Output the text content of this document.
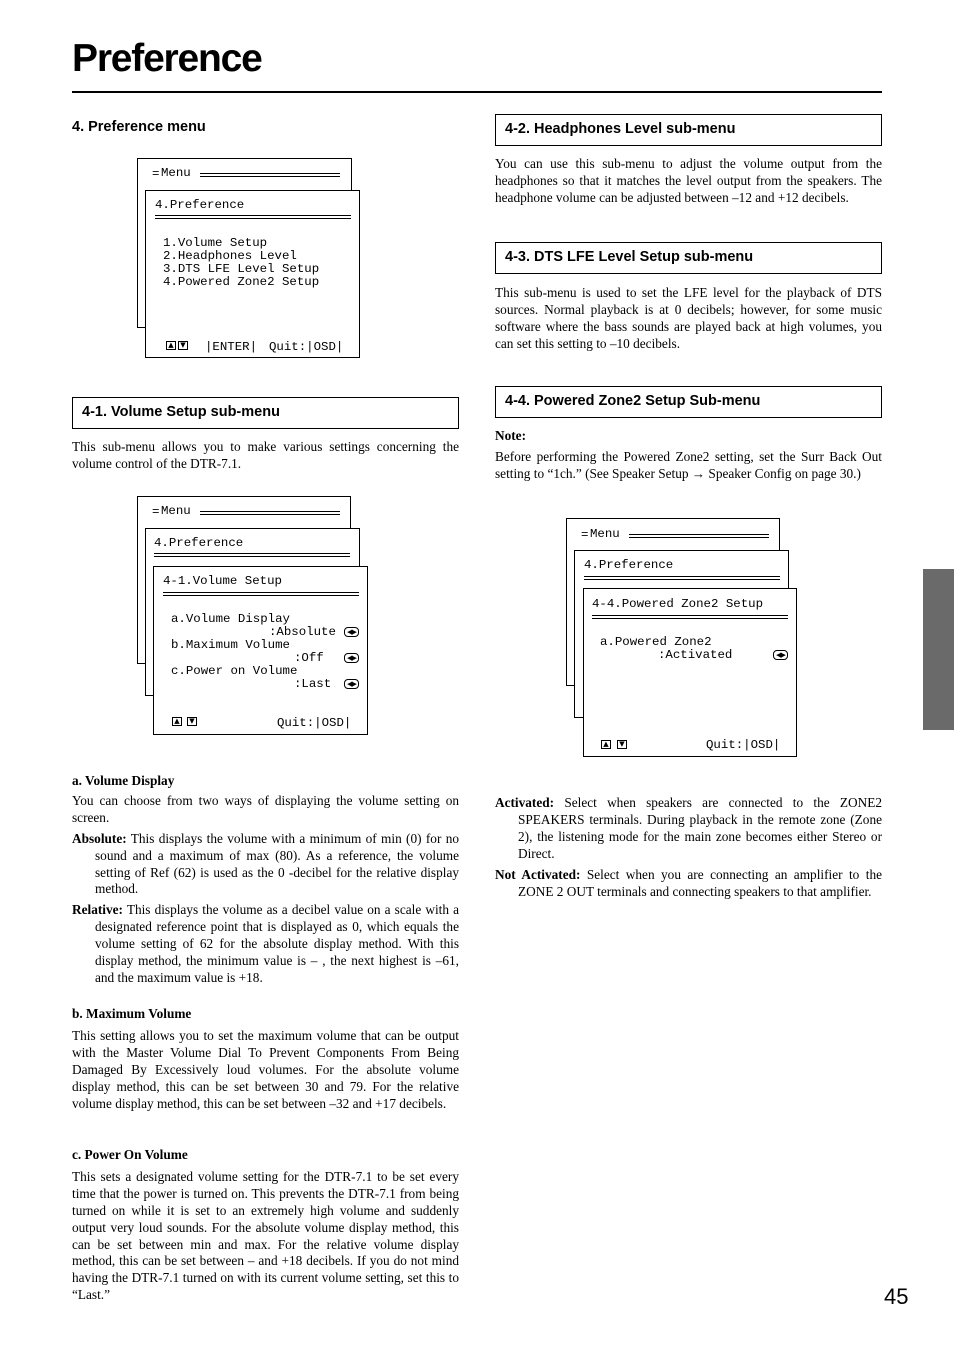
Preference
4. Preference menu
= Menu
4.Preference
1.Volume Setup
2.Headphones Level
3.DTS LFE Level Setup
4.Powered Zone2 Setup
▲ ▼ |ENTER| Quit:|OSD|
4-1. Volume Setup sub-menu
This sub-menu allows you to make various settings concerning the volume control of the DTR-7.1.
= Menu
4.Preference
4-1.Volume Setup
a.Volume Display
:Absolute	◀▶
b.Maximum Volume
:Off	◀▶
c.Power on Volume
:Last	◀▶
▲	▼	Quit:|OSD|

a. Volume Display

You can choose from two ways of displaying the volume setting on screen.

Absolute: This displays the volume with a minimum of min (0) for no sound and a maximum of max (80). As a reference, the volume setting of Ref (62) is used as the 0 -decibel for the relative display method.

Relative: This displays the volume as a decibel value on a scale with a designated reference point that is displayed as 0, which equals the volume setting of 62 for the absolute display method. With this display method, the minimum value is – , the next highest is –61, and the maximum value is +18.

b. Maximum Volume

This setting allows you to set the maximum volume that can be output with the Master Volume Dial To Prevent Components From Being Damaged By Excessively loud volumes. For the absolute volume display method, this can be set between 30 and 79. For the relative volume display method, this can be set between –32 and +17 decibels.

c. Power On Volume

This sets a designated volume setting for the DTR-7.1 to be set every time that the power is turned on. This prevents the DTR-7.1 from being turned on while it is set to an extremely high volume and suddenly output very loud sounds. For the absolute volume display method, this can be set between min and max. For the relative volume display method, this can be set between – and +18 decibels. If you do not mind having the DTR-7.1 turned on with its current volume setting, set this to “Last.”

4-2. Headphones Level sub-menu
You can use this sub-menu to adjust the volume output from the headphones so that it matches the level output from the speakers. The headphone volume can be adjusted between –12 and +12 decibels.
4-3. DTS LFE Level Setup sub-menu
This sub-menu is used to set the LFE level for the playback of DTS sources. Normal playback is at 0 decibels; however, for some music software where the bass sounds are played back at high volumes, you can set this setting to –10 decibels.
4-4. Powered Zone2 Setup Sub-menu

Note:

Before performing the Powered Zone2 setting, set the Surr Back Out setting to “1ch.” (See Speaker Setup → Speaker Config on page 30.)

= Menu
4.Preference
4-4.Powered Zone2 Setup
a.Powered Zone2
:Activated	◀▶
▲	▼	Quit:|OSD|

Activated: Select when speakers are connected to the ZONE2 SPEAKERS terminals. During playback in the remote zone (Zone 2), the listening mode for the main zone becomes either Stereo or Direct.

Not Activated: Select when you are connecting an amplifier to the ZONE 2 OUT terminals and connecting speakers to that amplifier.

45
